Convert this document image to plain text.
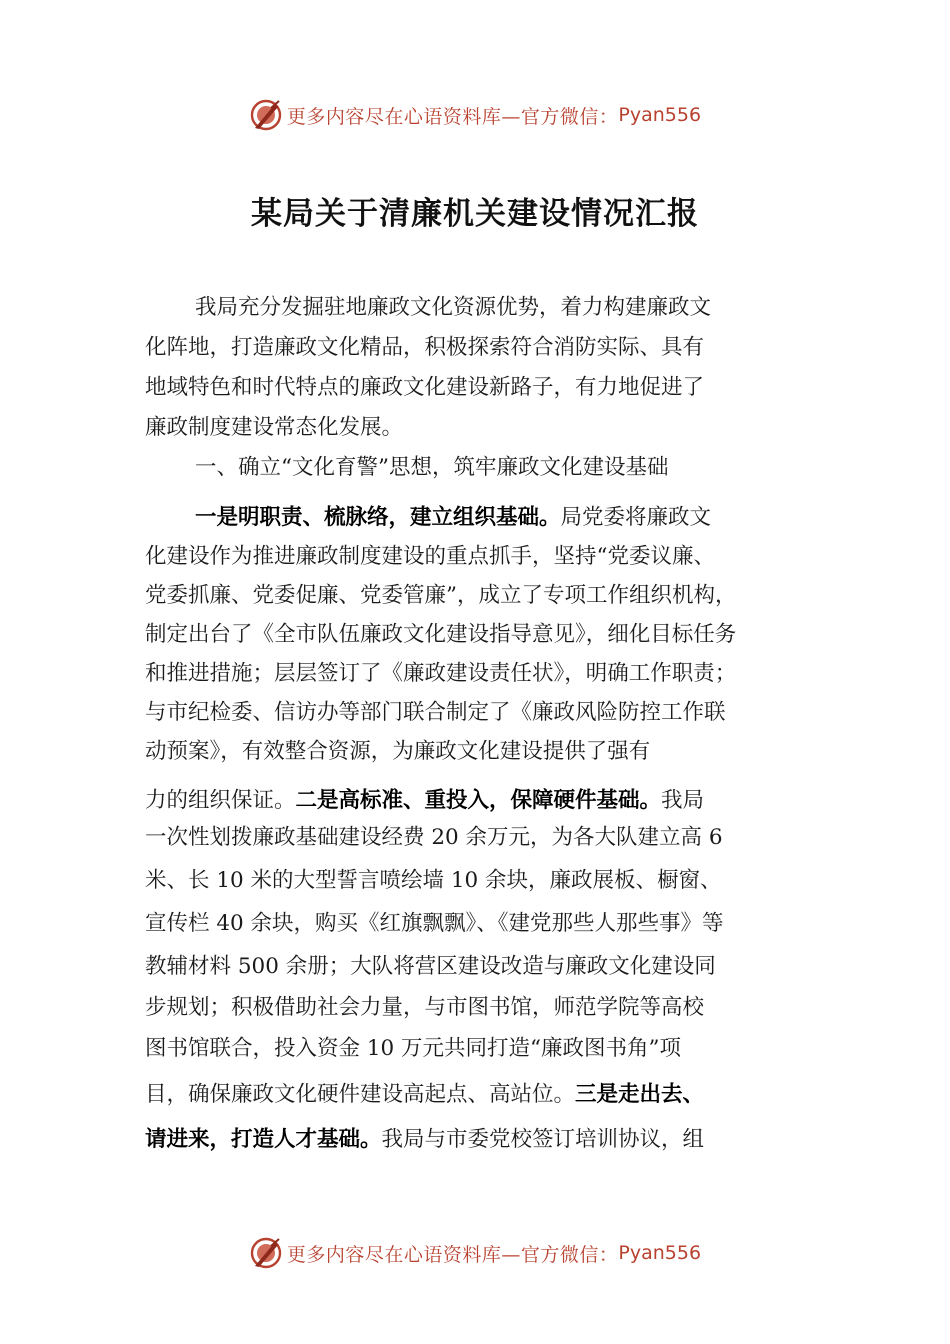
更多内容尽在心语资料库—官方微信： Pyan556
某局关于清廉机关建设情况汇报
我局充分发掘驻地廉政文化资源优势，着力构建廉政文
化阵地，打造廉政文化精品，积极探索符合消防实际、具有
地域特色和时代特点的廉政文化建设新路子，有力地促进了
廉政制度建设常态化发展。
一、确立“文化育警”思想，筑牢廉政文化建设基础
一是明职责、梳脉络，建立组织基础。局党委将廉政文
化建设作为推进廉政制度建设的重点抓手，坚持“党委议廉、
党委抓廉、党委促廉、党委管廉”，成立了专项工作组织机构，
制定出台了《全市队伍廉政文化建设指导意见》，细化目标任务
和推进措施；层层签订了《廉政建设责任状》，明确工作职责；
与市纪检委、信访办等部门联合制定了《廉政风险防控工作联
动预案》，有效整合资源，为廉政文化建设提供了强有
力的组织保证。二是高标准、重投入，保障硬件基础。我局
一次性划拨廉政基础建设经费 20 余万元，为各大队建立高 6
米、长 10 米的大型誓言喷绘墙 10 余块，廉政展板、橱窗、
宣传栏 40 余块，购买《红旗飘飘》、《建党那些人那些事》等
教辅材料 500 余册；大队将营区建设改造与廉政文化建设同
步规划；积极借助社会力量，与市图书馆，师范学院等高校
图书馆联合，投入资金 10 万元共同打造“廉政图书角”项
目，确保廉政文化硬件建设高起点、高站位。三是走出去、
请进来，打造人才基础。我局与市委党校签订培训协议，组
更多内容尽在心语资料库—官方微信： Pyan556
